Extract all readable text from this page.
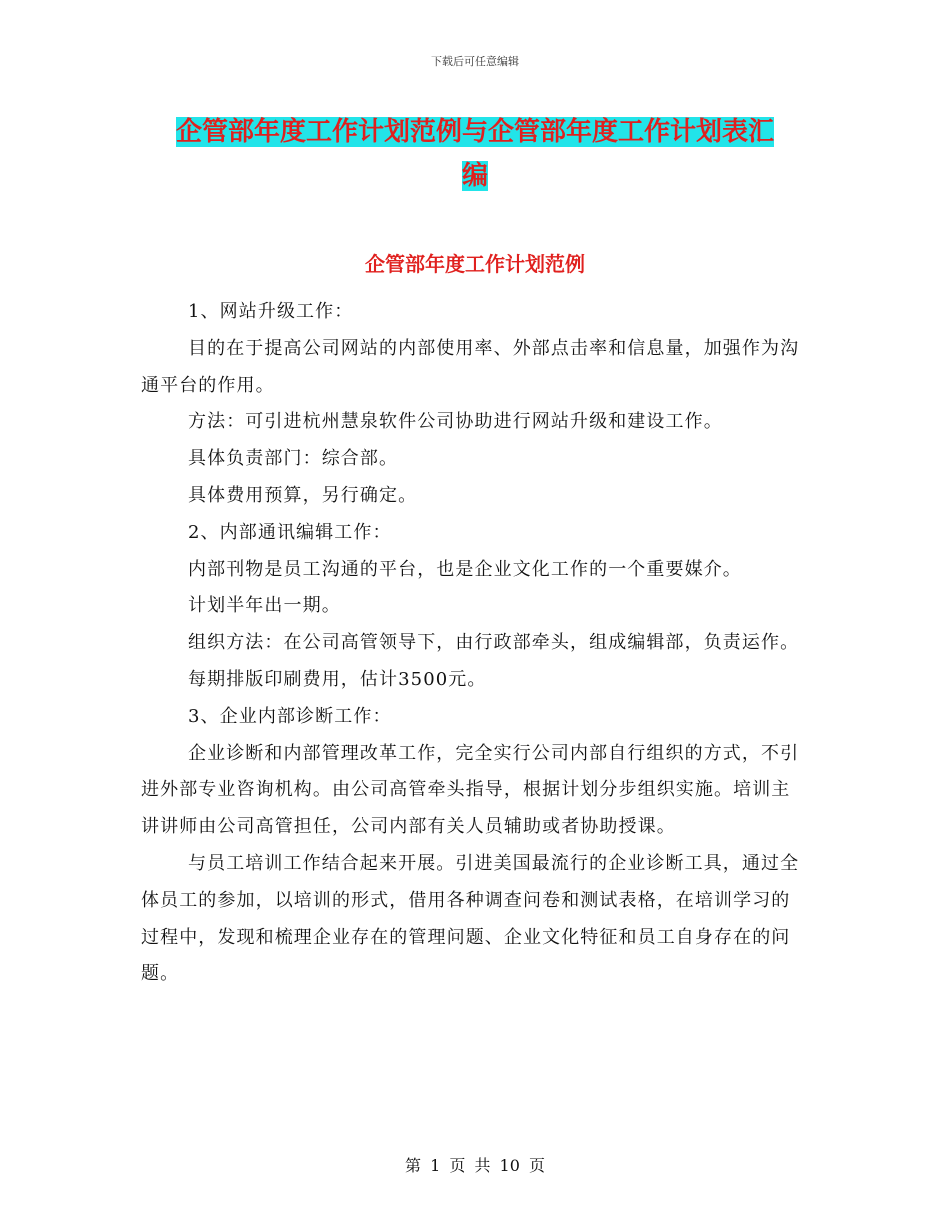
下载后可任意编辑
企管部年度工作计划范例与企管部年度工作计划表汇
编
企管部年度工作计划范例

1、网站升级工作：

目的在于提高公司网站的内部使用率、外部点击率和信息量，加强作为沟通平台的作用。

方法：可引进杭州慧泉软件公司协助进行网站升级和建设工作。

具体负责部门：综合部。

具体费用预算，另行确定。

2、内部通讯编辑工作：

内部刊物是员工沟通的平台，也是企业文化工作的一个重要媒介。

计划半年出一期。

组织方法：在公司高管领导下，由行政部牵头，组成编辑部，负责运作。

每期排版印刷费用，估计3500元。

3、企业内部诊断工作：

企业诊断和内部管理改革工作，完全实行公司内部自行组织的方式，不引进外部专业咨询机构。由公司高管牵头指导，根据计划分步组织实施。培训主讲讲师由公司高管担任，公司内部有关人员辅助或者协助授课。

与员工培训工作结合起来开展。引进美国最流行的企业诊断工具，通过全体员工的参加，以培训的形式，借用各种调查问卷和测试表格，在培训学习的过程中，发现和梳理企业存在的管理问题、企业文化特征和员工自身存在的问题。

第 1 页 共 10 页
